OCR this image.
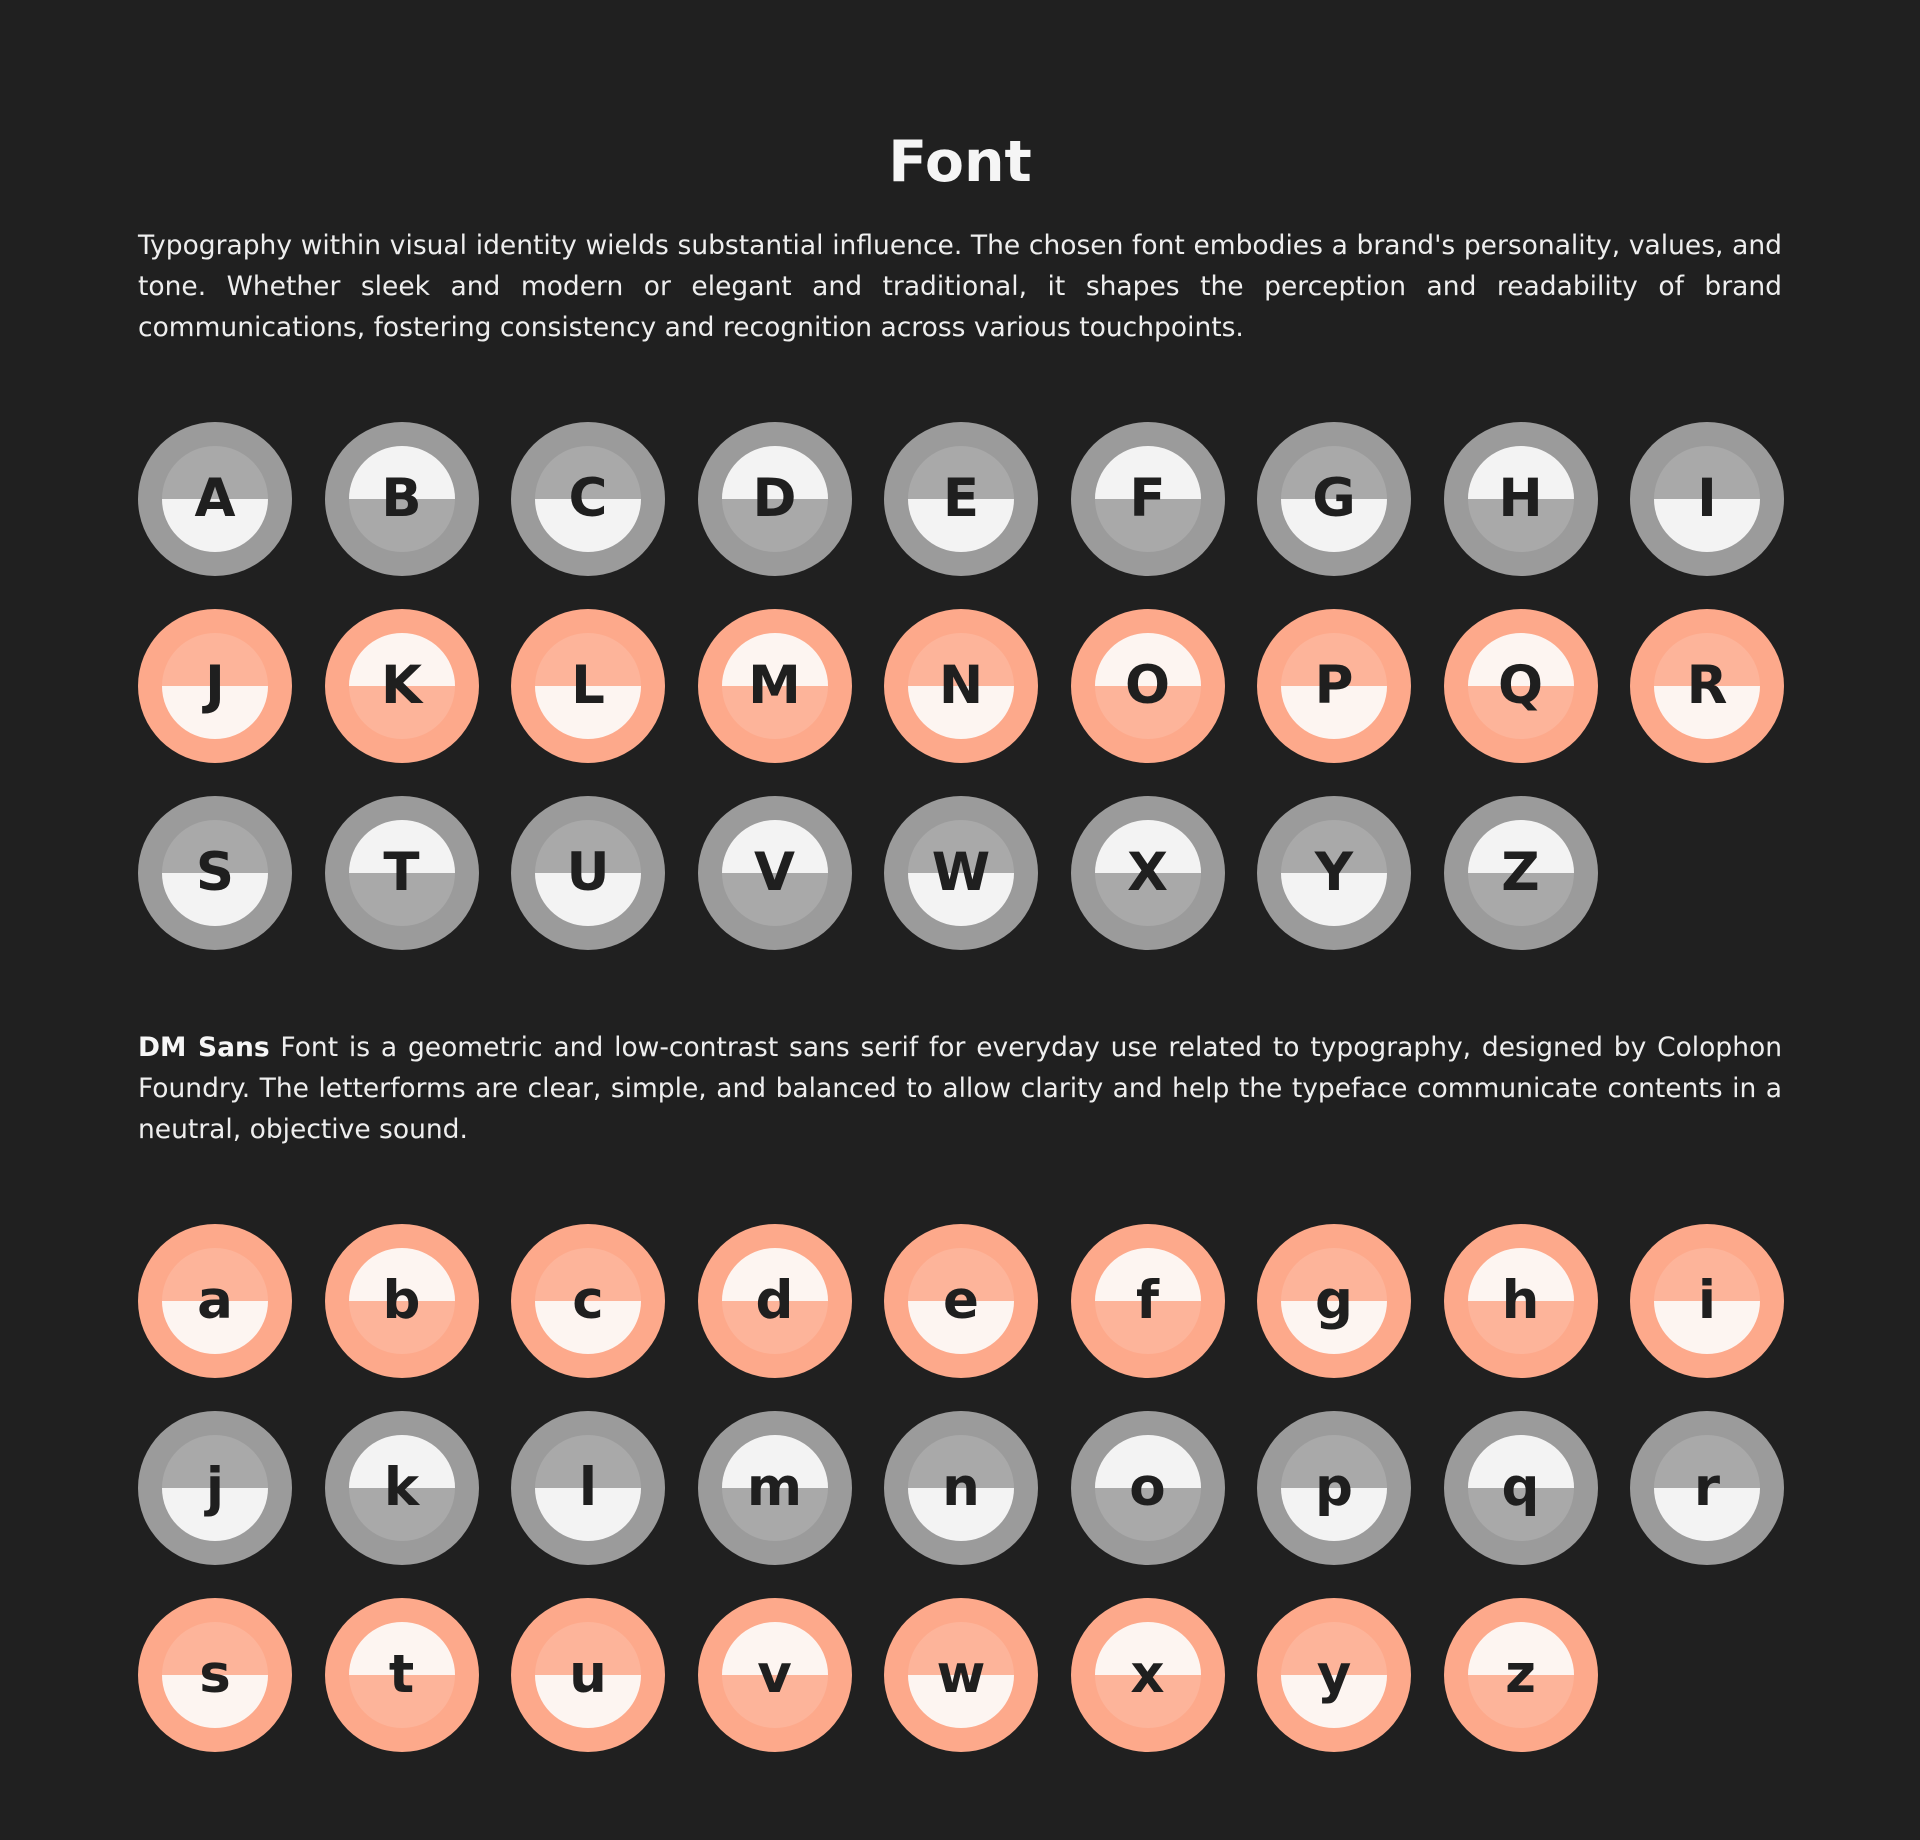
Font

Typography within visual identity wields substantial influence. The chosen font embodies a brand's personality, values, and tone. Whether sleek and modern or elegant and traditional, it shapes the perception and readability of brand communications, fostering consistency and recognition across various touchpoints.

A	B	C	D	E	F	G	H	I
J	K	L	M	N	O	P	Q	R
S	T	U	V	W	X	Y	Z

DM Sans Font is a geometric and low-contrast sans serif for everyday use related to typography, designed by Colophon Foundry. The letterforms are clear, simple, and balanced to allow clarity and help the typeface communicate contents in a neutral, objective sound.

a	b	c	d	e	f	g	h	i
j	k	l	m	n	o	p	q	r
s	t	u	v	w	x	y	z
